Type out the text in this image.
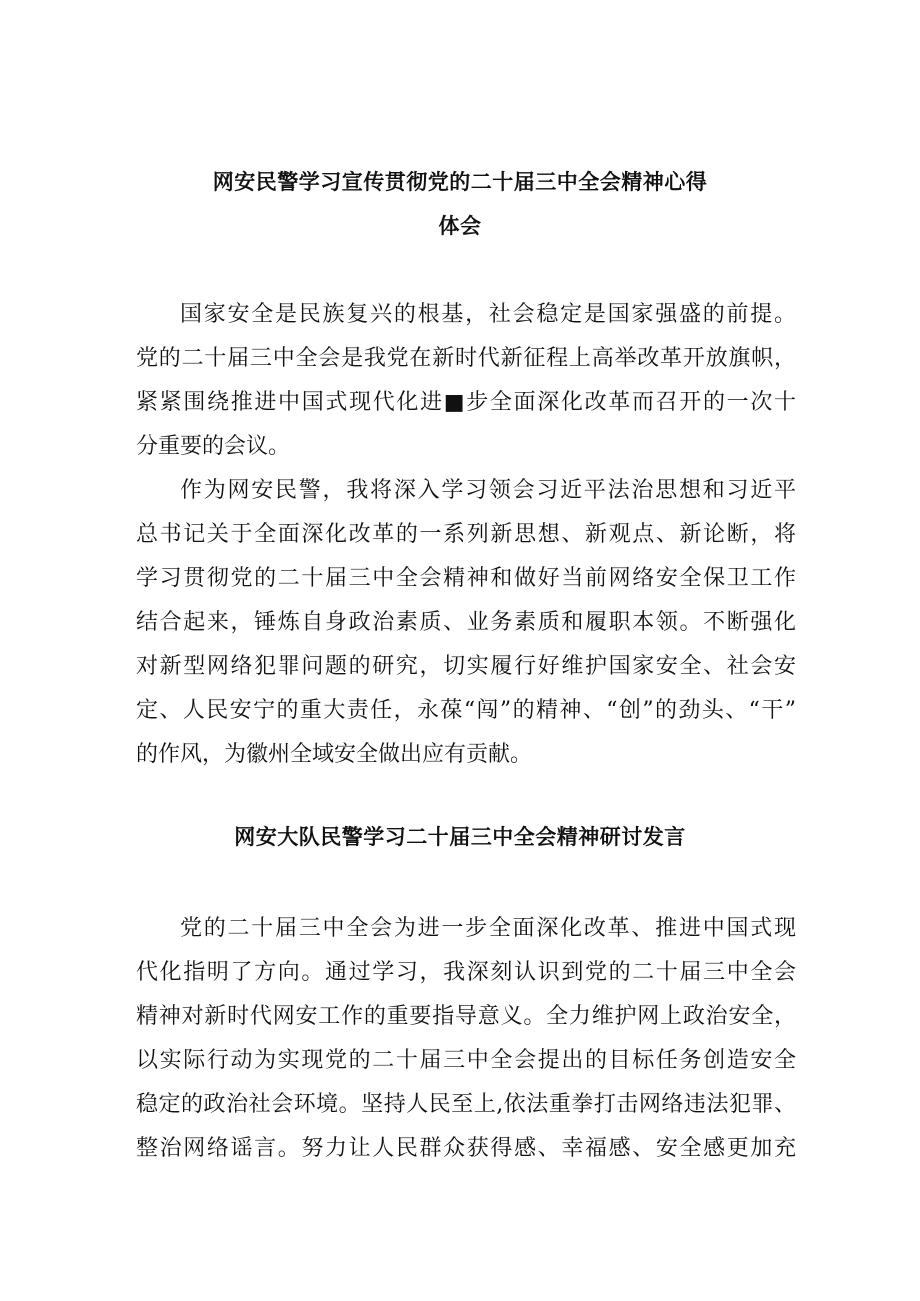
网安民警学习宣传贯彻党的二十届三中全会精神心得
体会
国家安全是民族复兴的根基，社会稳定是国家强盛的前提。
党的二十届三中全会是我党在新时代新征程上高举改革开放旗帜，
紧紧围绕推进中国式现代化进■步全面深化改革而召开的一次十
分重要的会议。
作为网安民警，我将深入学习领会习近平法治思想和习近平
总书记关于全面深化改革的一系列新思想、新观点、新论断，将
学习贯彻党的二十届三中全会精神和做好当前网络安全保卫工作
结合起来，锤炼自身政治素质、业务素质和履职本领。不断强化
对新型网络犯罪问题的研究，切实履行好维护国家安全、社会安
定、人民安宁的重大责任，永葆“闯”的精神、“创”的劲头、“干”
的作风，为徽州全域安全做出应有贡献。
网安大队民警学习二十届三中全会精神研讨发言
党的二十届三中全会为进一步全面深化改革、推进中国式现
代化指明了方向。通过学习，我深刻认识到党的二十届三中全会
精神对新时代网安工作的重要指导意义。全力维护网上政治安全，
以实际行动为实现党的二十届三中全会提出的目标任务创造安全
稳定的政治社会环境。坚持人民至上,依法重拳打击网络违法犯罪、
整治网络谣言。努力让人民群众获得感、幸福感、安全感更加充
